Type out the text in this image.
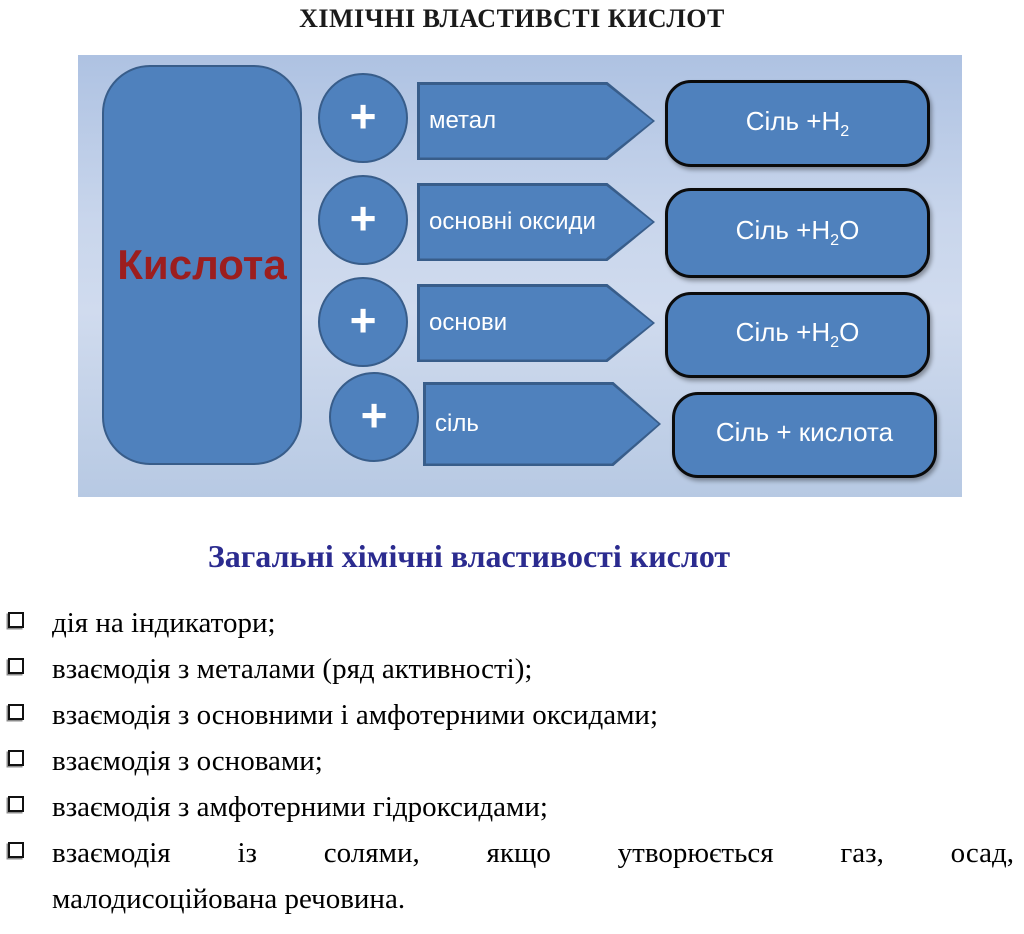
ХІМІЧНІ ВЛАСТИВСТІ КИСЛОТ
Кислота
+ метал	Сіль $+H_2$
+ основні оксиди	Сіль $+H_2O$
+ основи	Сіль $+H_2O$
+ сіль	Сіль + кислота
Загальні хімічні властивості кислот
дія на індикатори;
взаємодія з металами (ряд активності);
взаємодія з основними і амфотерними оксидами;
взаємодія з основами;
взаємодія з амфотерними гідроксидами;
взаємодія із солями, якщо утворюється газ, осад,
малодисоційована речовина.
